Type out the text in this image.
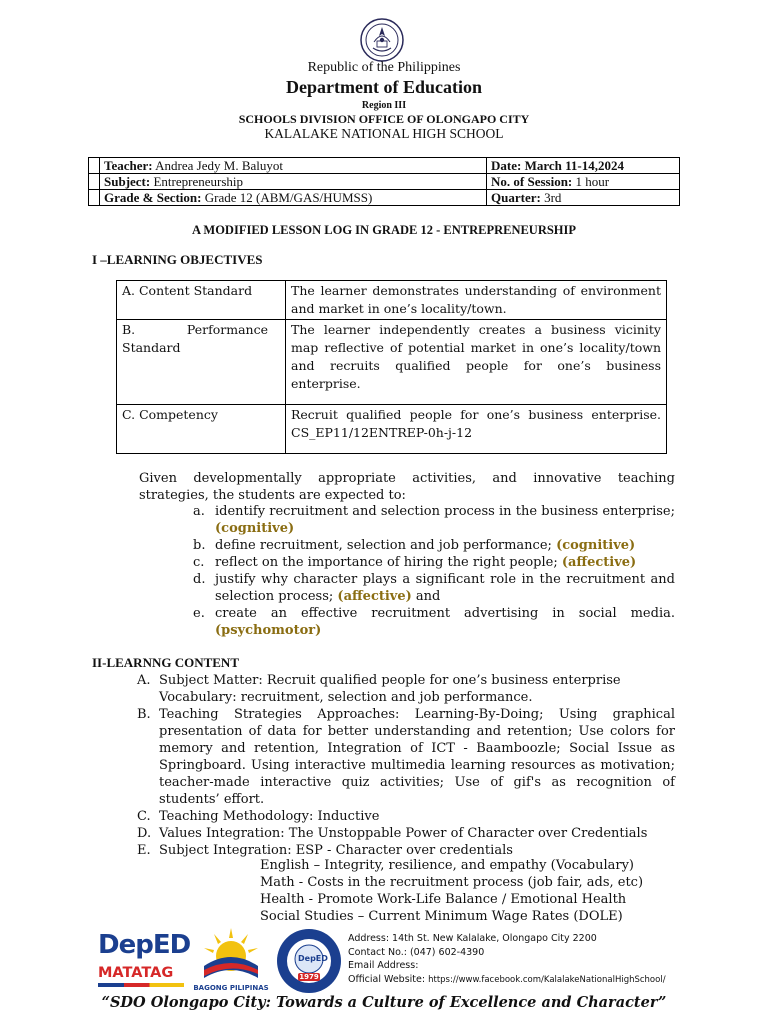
Republic of the Philippines
Department of Education
Region III
SCHOOLS DIVISION OFFICE OF OLONGAPO CITY
KALALAKE NATIONAL HIGH SCHOOL
	Teacher: Andrea Jedy M. Baluyot	Date: March 11-14,2024
	Subject: Entrepreneurship	No. of Session: 1 hour
	Grade & Section: Grade 12 (ABM/GAS/HUMSS)	Quarter: 3rd
A MODIFIED LESSON LOG IN GRADE 12 - ENTREPRENEURSHIP
I –LEARNING OBJECTIVES
A. Content Standard	The learner demonstrates understanding of environment and market in one’s locality/town.
B. Performance Standard	The learner independently creates a business vicinity map reflective of potential market in one’s locality/town and recruits qualified people for one’s business enterprise.
C. Competency	Recruit qualified people for one’s business enterprise. CS_EP11/12ENTREP-0h-j-12
Given developmentally appropriate activities, and innovative teaching strategies, the students are expected to:
a. identify recruitment and selection process in the business enterprise; (cognitive)
b. define recruitment, selection and job performance; (cognitive)
c. reflect on the importance of hiring the right people; (affective)
d. justify why character plays a significant role in the recruitment and selection process; (affective) and
e. create an effective recruitment advertising in social media. (psychomotor)
II-LEARNNG CONTENT
A. Subject Matter: Recruit qualified people for one’s business enterprise
Vocabulary: recruitment, selection and job performance.
B. Teaching Strategies Approaches: Learning-By-Doing; Using graphical presentation of data for better understanding and retention; Use colors for memory and retention, Integration of ICT - Baamboozle; Social Issue as Springboard. Using interactive multimedia learning resources as motivation; teacher-made interactive quiz activities; Use of gif's as recognition of students’ effort.
C. Teaching Methodology: Inductive
D. Values Integration: The Unstoppable Power of Character over Credentials
E. Subject Integration: ESP - Character over credentials
English – Integrity, resilience, and empathy (Vocabulary)
Math - Costs in the recruitment process (job fair, ads, etc)
Health - Promote Work-Life Balance / Emotional Health
Social Studies – Current Minimum Wage Rates (DOLE)
DepED
MATATAG
BAGONG PILIPINAS
DepED
1979
Address: 14th St. New Kalalake, Olongapo City 2200
Contact No.: (047) 602-4390
Email Address:
Official Website: https://www.facebook.com/KalalakeNationalHighSchool/
“SDO Olongapo City: Towards a Culture of Excellence and Character”
